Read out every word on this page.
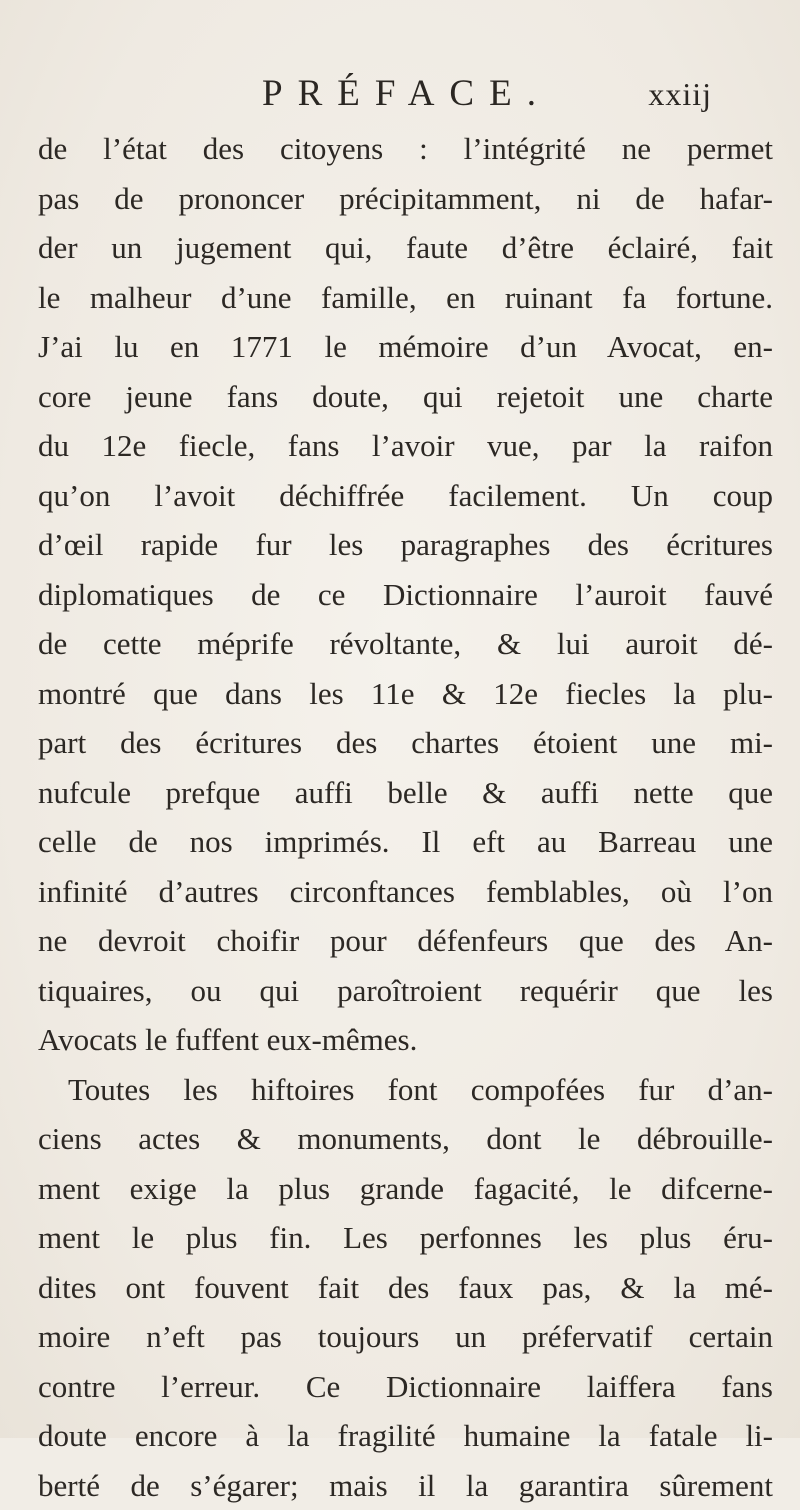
PRÉFACE.	xxiij
de l’état des citoyens : l’intégrité ne permet
pas de prononcer précipitamment, ni de hafar-
der un jugement qui, faute d’être éclairé, fait
le malheur d’une famille, en ruinant fa fortune.
J’ai lu en 1771 le mémoire d’un Avocat, en-
core jeune fans doute, qui rejetoit une charte
du 12e fiecle, fans l’avoir vue, par la raifon
qu’on l’avoit déchiffrée facilement. Un coup
d’œil rapide fur les paragraphes des écritures
diplomatiques de ce Dictionnaire l’auroit fauvé
de cette méprife révoltante, & lui auroit dé-
montré que dans les 11e & 12e fiecles la plu-
part des écritures des chartes étoient une mi-
nufcule prefque auffi belle & auffi nette que
celle de nos imprimés. Il eft au Barreau une
infinité d’autres circonftances femblables, où l’on
ne devroit choifir pour défenfeurs que des An-
tiquaires, ou qui paroîtroient requérir que les
Avocats le fuffent eux-mêmes.
Toutes les hiftoires font compofées fur d’an-
ciens actes & monuments, dont le débrouille-
ment exige la plus grande fagacité, le difcerne-
ment le plus fin. Les perfonnes les plus éru-
dites ont fouvent fait des faux pas, & la mé-
moire n’eft pas toujours un préfervatif certain
contre l’erreur. Ce Dictionnaire laiffera fans
doute encore à la fragilité humaine la fatale li-
berté de s’égarer; mais il la garantira sûrement
